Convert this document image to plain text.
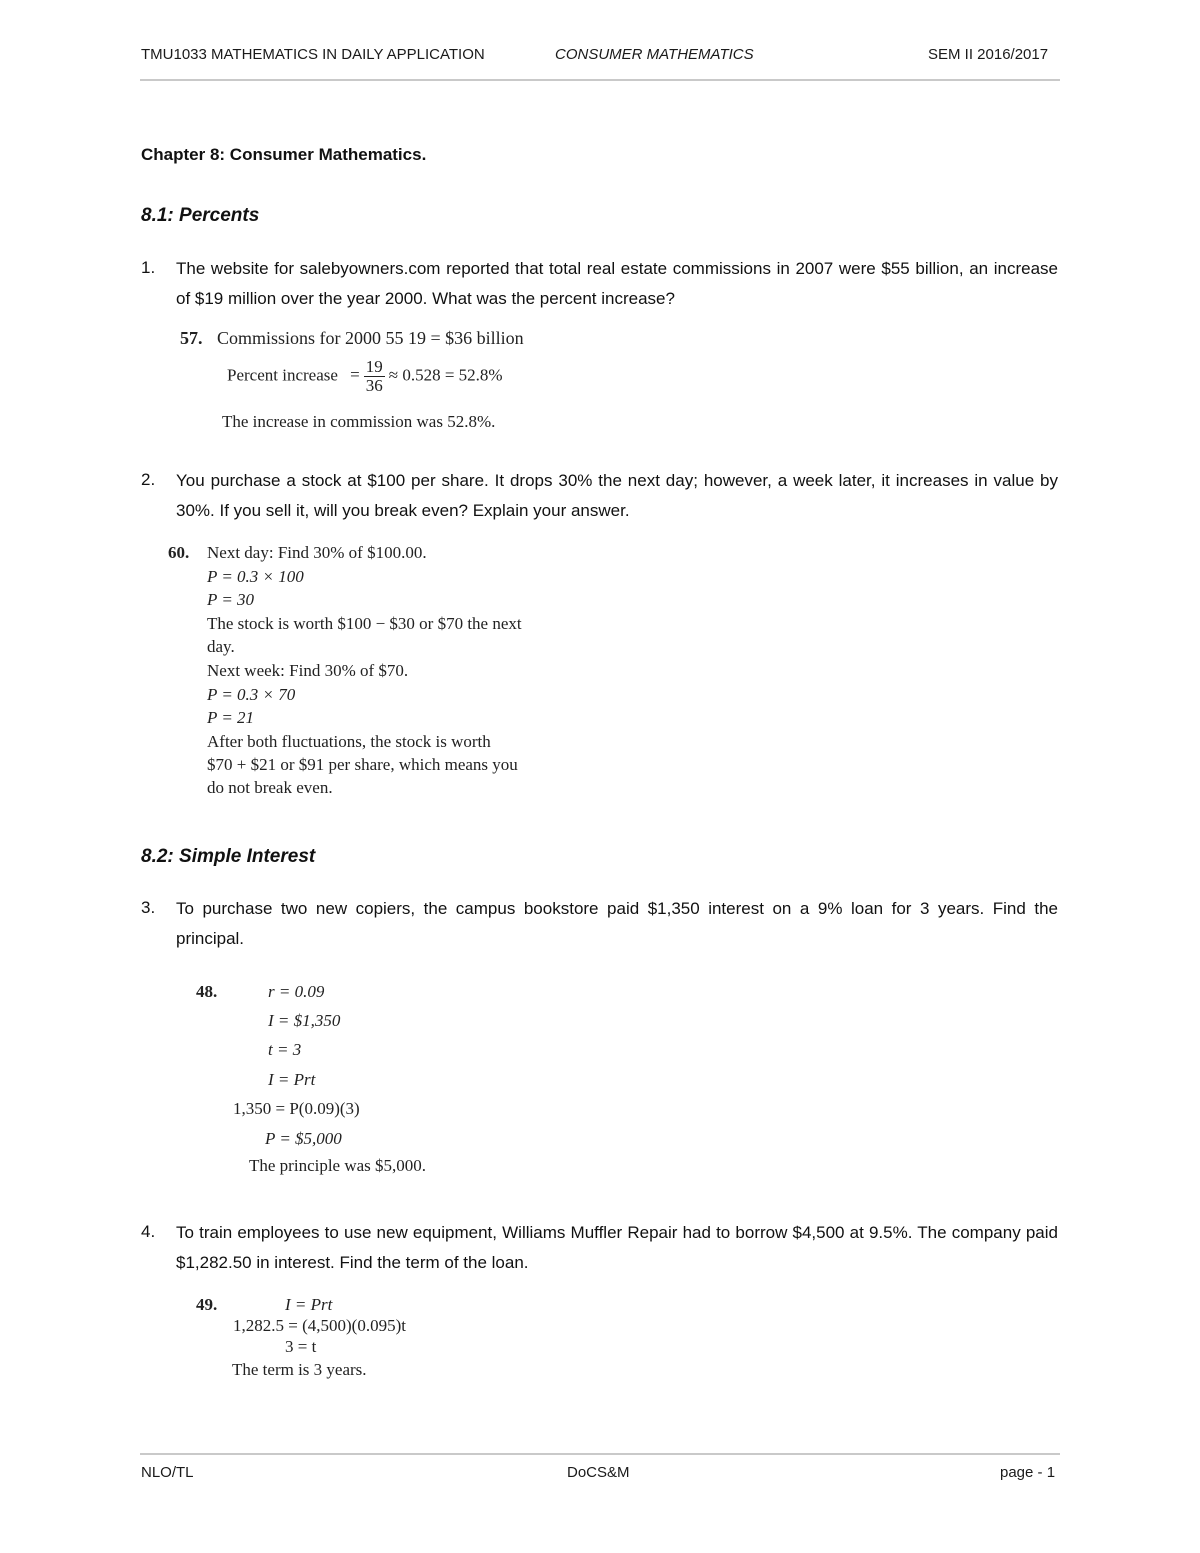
TMU1033 MATHEMATICS IN DAILY APPLICATION	CONSUMER MATHEMATICS	SEM II 2016/2017
Chapter 8: Consumer Mathematics.
8.1: Percents
1. The website for salebyowners.com reported that total real estate commissions in 2007 were $55 billion, an increase of $19 million over the year 2000. What was the percent increase?
57. Commissions for 2000 55 19 = $36 billion
Percent increase = $\frac{19}{36} \approx 0.528 = 52.8\%$
The increase in commission was 52.8%.
2. You purchase a stock at $100 per share. It drops 30% the next day; however, a week later, it increases in value by 30%. If you sell it, will you break even? Explain your answer.
60. Next day: Find 30% of $100.00.
P = 0.3 × 100
P = 30
The stock is worth $100 − $30 or $70 the next
day.
Next week: Find 30% of $70.
P = 0.3 × 70
P = 21
After both fluctuations, the stock is worth
$70 + $21 or $91 per share, which means you
do not break even.
8.2: Simple Interest
3. To purchase two new copiers, the campus bookstore paid $1,350 interest on a 9% loan for 3 years. Find the principal.
48.	r = 0.09
I = $1,350
t = 3
I = Prt
1,350 = P(0.09)(3)
P = $5,000
The principle was $5,000.
4. To train employees to use new equipment, Williams Muffler Repair had to borrow $4,500 at 9.5%. The company paid $1,282.50 in interest. Find the term of the loan.
49.	I = Prt
1,282.5 = (4,500)(0.095)t
3 = t
The term is 3 years.
NLO/TL	DoCS&M	page - 1
